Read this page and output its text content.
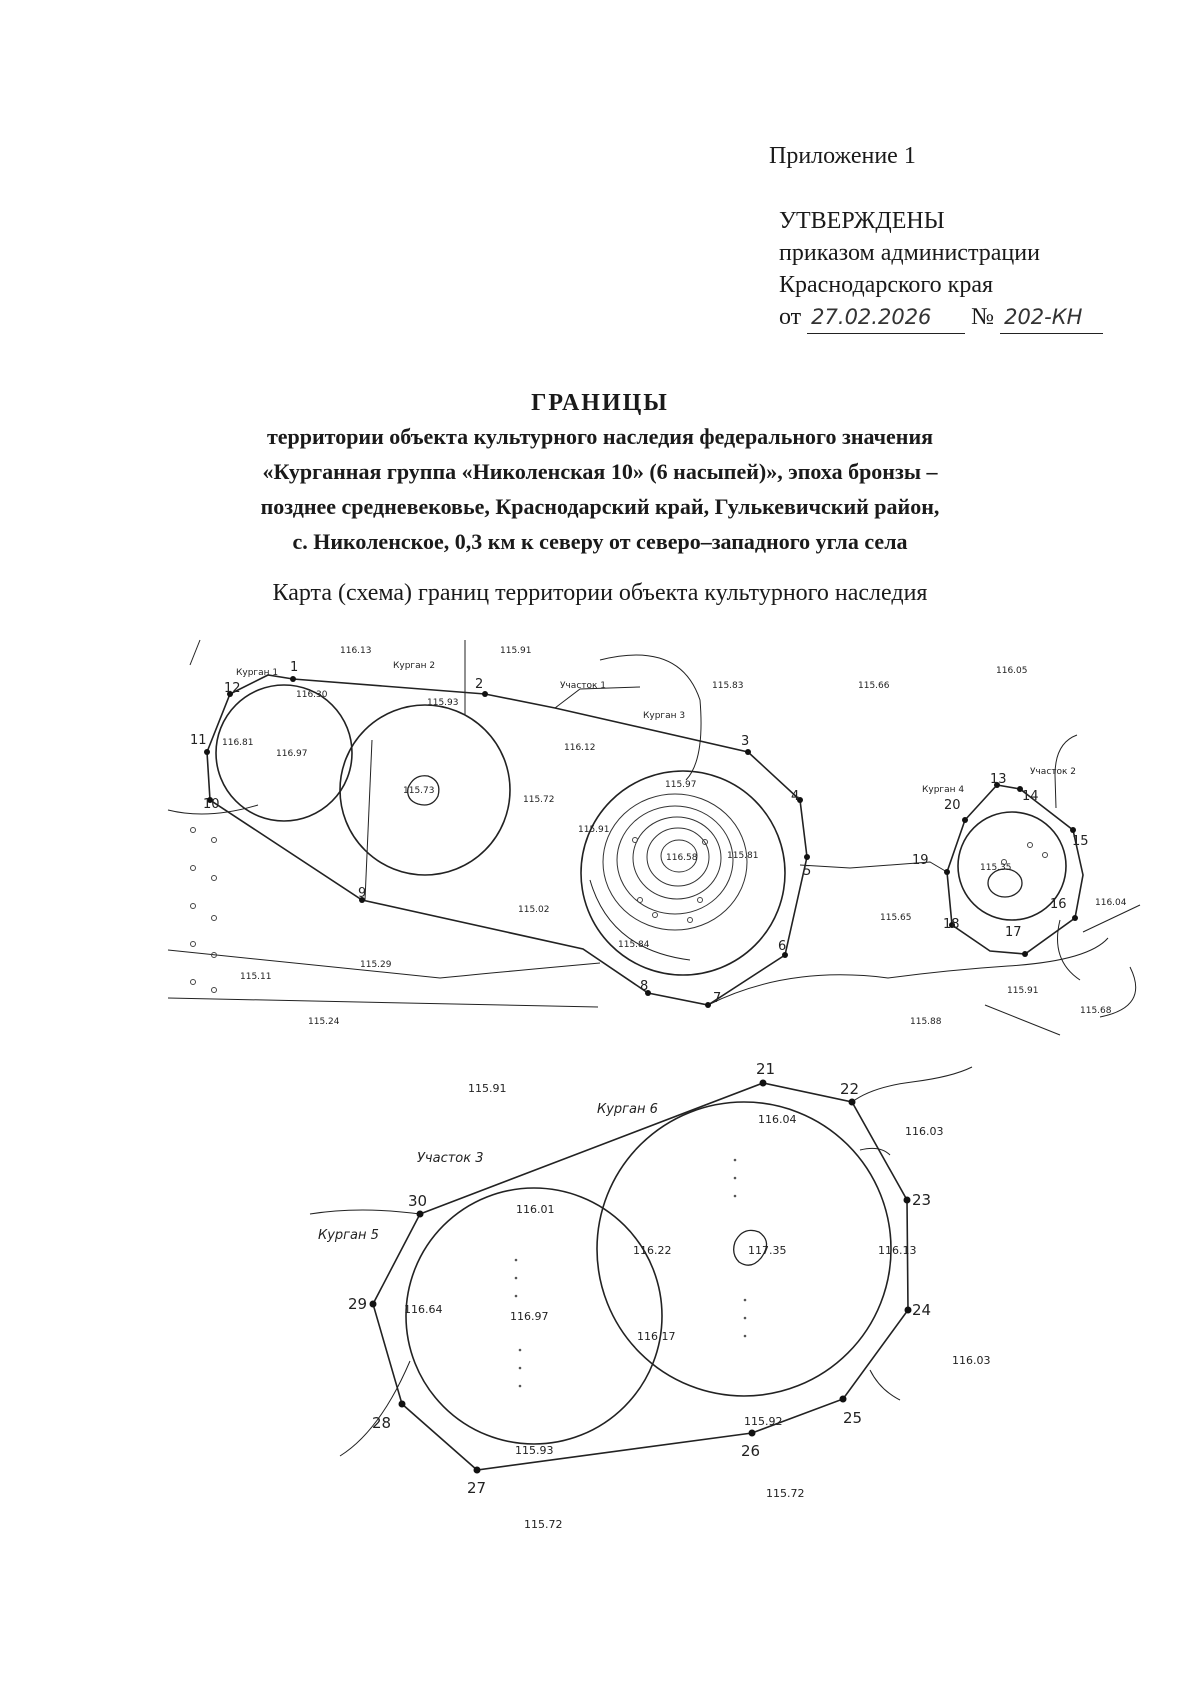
Приложение 1
УТВЕРЖДЕНЫ
приказом администрации
Краснодарского края
от 27.02.2026 № 202-КН
ГРАНИЦЫ
территории объекта культурного наследия федерального значения
«Курганная группа «Николенская 10» (6 насыпей)», эпоха бронзы –
позднее средневековье, Краснодарский край, Гулькевичский район,
с. Николенское, 0,3 км к северу от северо–западного угла села
Карта (схема) границ территории объекта культурного наследия
Курган 1
Курган 2
Курган 3
Курган 4
Участок 1
Участок 2
1
2
3
4
5
6
7
8
9
10
11
12
13
14
15
16
17
18
19
20
116.13	115.91
115.83	115.66
116.05
116.97
116.81
116.30
115.93
115.72
115.73
116.12
115.97
116.58
115.91
115.84
115.81
115.29
115.24
115.11
115.02
116.04
115.35
115.65
115.91
115.88
115.68
Курган 6
Курган 5
Участок 3
21
22
23
24
25
26
27
28
29
30
115.91
116.03
116.04
116.01
116.22	117.35	116.13
116.64
116.97
116.17
115.92
115.93
116.03
115.72
115.72
